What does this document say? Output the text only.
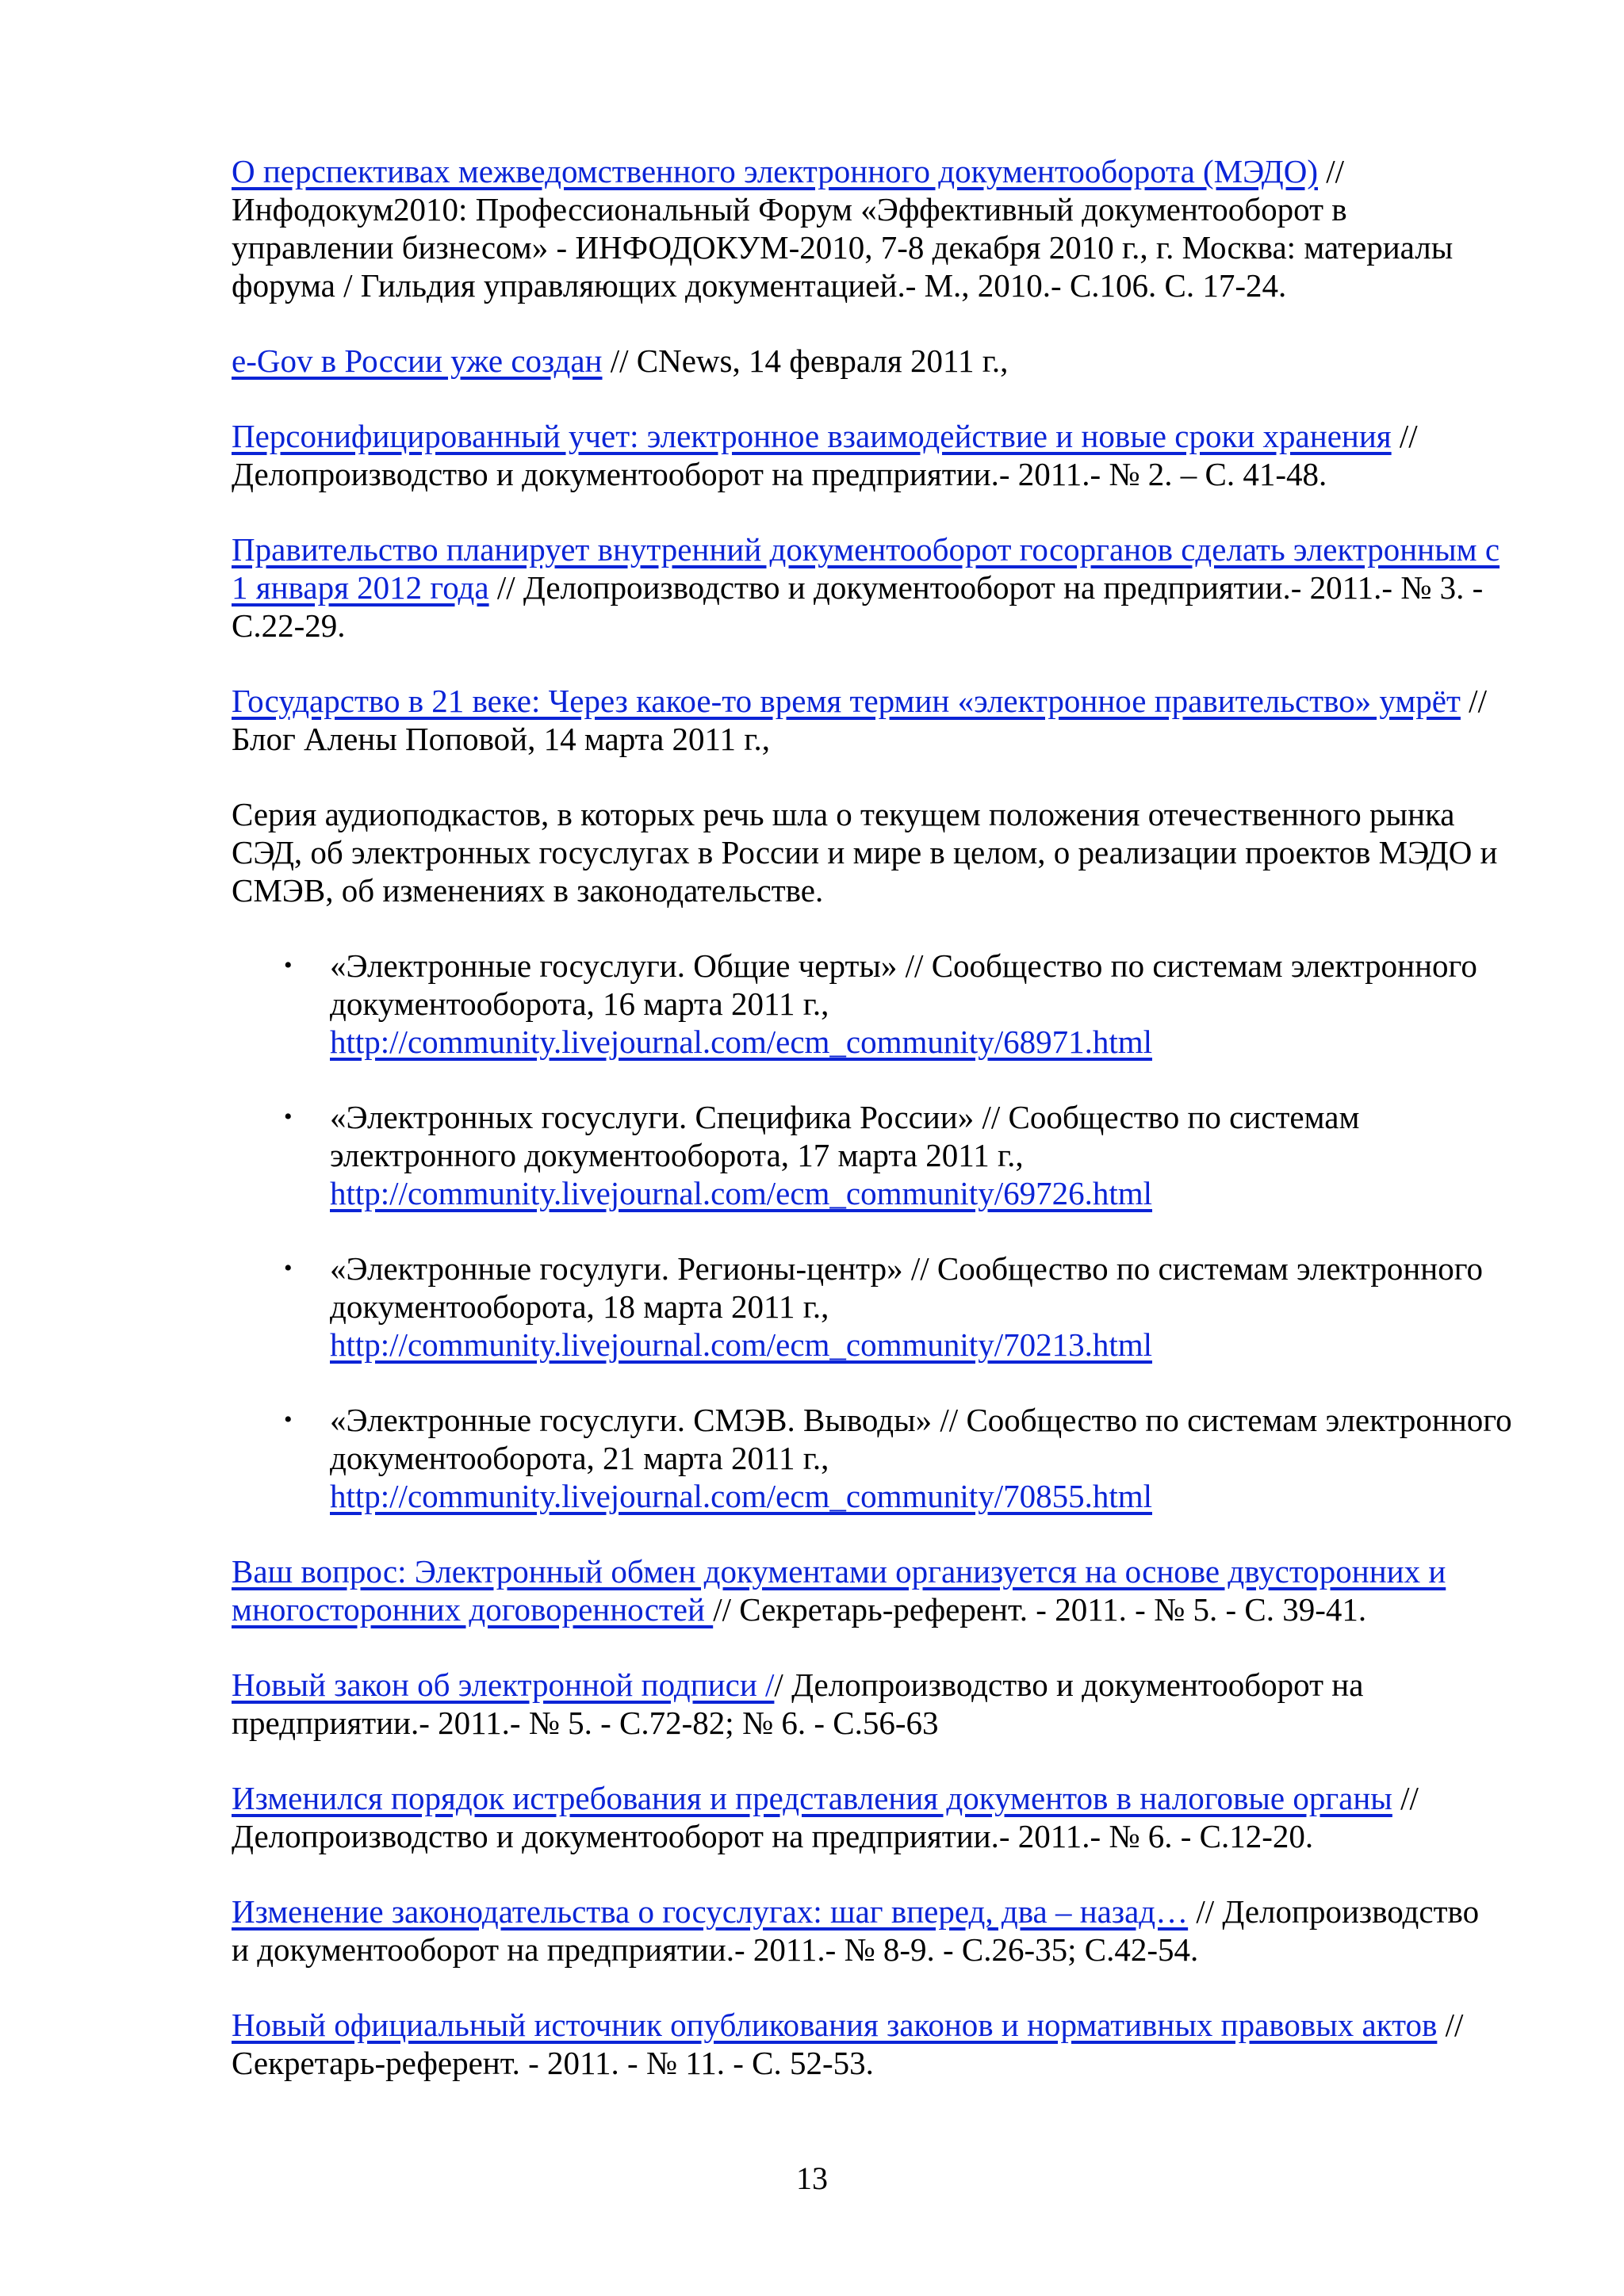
О перспективах межведомственного электронного документооборота (МЭДО) // Инфодокум2010: Профессиональный Форум «Эффективный документооборот в управлении бизнесом» - ИНФОДОКУМ-2010, 7-8 декабря 2010 г., г. Москва: материалы форума / Гильдия управляющих документацией.- М., 2010.- С.106. С. 17-24.

e-Gov в России уже создан // CNews, 14 февраля 2011 г.,

Персонифицированный учет: электронное взаимодействие и новые сроки хранения // Делопроизводство и документооборот на предприятии.- 2011.- № 2. – С. 41-48.

Правительство планирует внутренний документооборот госорганов сделать электронным с 1 января 2012 года // Делопроизводство и документооборот на предприятии.- 2011.- № 3. - С.22-29.

Государство в 21 веке: Через какое-то время термин «электронное правительство» умрёт // Блог Алены Поповой, 14 марта 2011 г.,

Серия аудиоподкастов, в которых речь шла о текущем положения отечественного рынка СЭД, об электронных госуслугах в России и мире в целом, о реализации проектов МЭДО и СМЭВ, об изменениях в законодательстве.

• «Электронные госуслуги. Общие черты» // Сообщество по системам электронного документооборота, 16 марта 2011 г.,
http://community.livejournal.com/ecm_community/68971.html
• «Электронных госуслуги. Специфика России» // Сообщество по системам электронного документооборота, 17 марта 2011 г.,
http://community.livejournal.com/ecm_community/69726.html
• «Электронные госулуги. Регионы-центр» // Сообщество по системам электронного документооборота, 18 марта 2011 г.,
http://community.livejournal.com/ecm_community/70213.html
• «Электронные госуслуги. СМЭВ. Выводы» // Сообщество по системам электронного документооборота, 21 марта 2011 г.,
http://community.livejournal.com/ecm_community/70855.html

Ваш вопрос: Электронный обмен документами организуется на основе двусторонних и многосторонних договоренностей // Секретарь-референт. - 2011. - № 5. - С. 39-41.

Новый закон об электронной подписи // Делопроизводство и документооборот на предприятии.- 2011.- № 5. - С.72-82; № 6. - С.56-63

Изменился порядок истребования и представления документов в налоговые органы // Делопроизводство и документооборот на предприятии.- 2011.- № 6. - С.12-20.

Изменение законодательства о госуслугах: шаг вперед, два – назад… // Делопроизводство и документооборот на предприятии.- 2011.- № 8-9. - С.26-35; С.42-54.

Новый официальный источник опубликования законов и нормативных правовых актов // Секретарь-референт. - 2011. - № 11. - С. 52-53.

13
